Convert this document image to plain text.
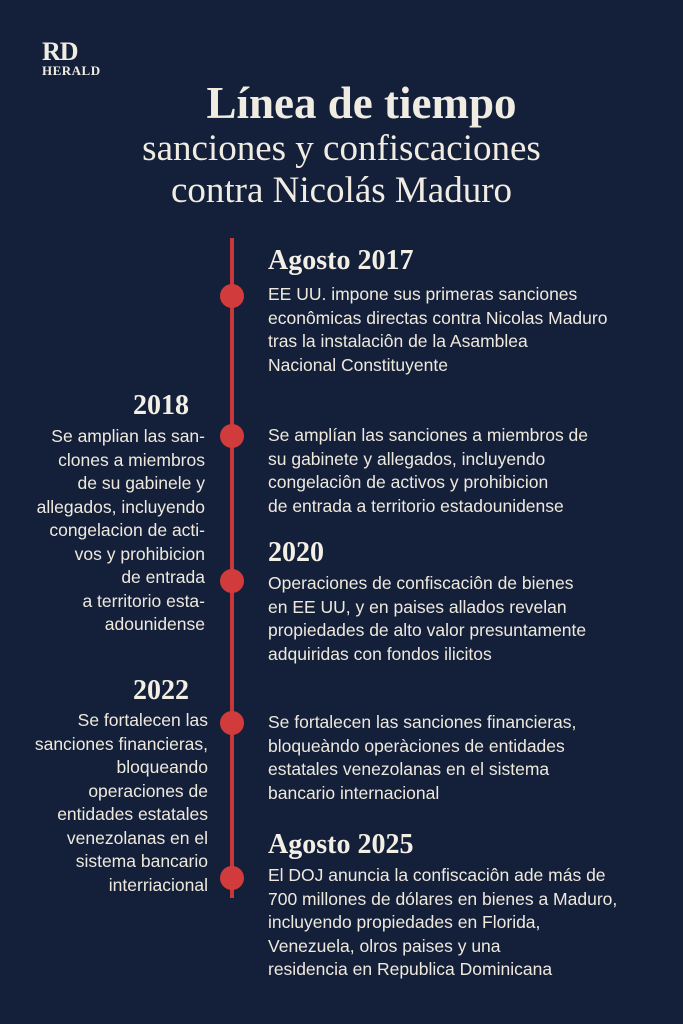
RD
HERALD
Línea de tiempo
sanciones y confiscaciones
contra Nicolás Maduro
Agosto 2017
EE UU. impone sus primeras sanciones
econômicas directas contra Nicolas Maduro
tras la instalaciôn de la Asamblea
Nacional Constituyente
2018
Se amplian las san-
clones a miembros
de su gabinele y
allegados, incluyendo
congelacion de acti-
vos y prohibicion
de entrada
a territorio esta-
adounidense
Se amplían las sanciones a miembros de
su gabinete y allegados, incluyendo
congelaciôn de activos y prohibicion
de entrada a territorio estadounidense
2020
Operaciones de confiscaciôn de bienes
en EE UU, y en paises allados revelan
propiedades de alto valor presuntamente
adquiridas con fondos ilicitos
2022
Se fortalecen las
sanciones financieras,
bloqueando
operaciones de
entidades estatales
venezolanas en el
sistema bancario
interriacional
Se fortalecen las sanciones financieras,
bloqueàndo operàciones de entidades
estatales venezolanas en el sistema
bancario internacional
Agosto 2025
El DOJ anuncia la confiscaciôn ade más de
700 millones de dólares en bienes a Maduro,
incluyendo propiedades en Florida,
Venezuela, olros paises y una
residencia en Republica Dominicana
